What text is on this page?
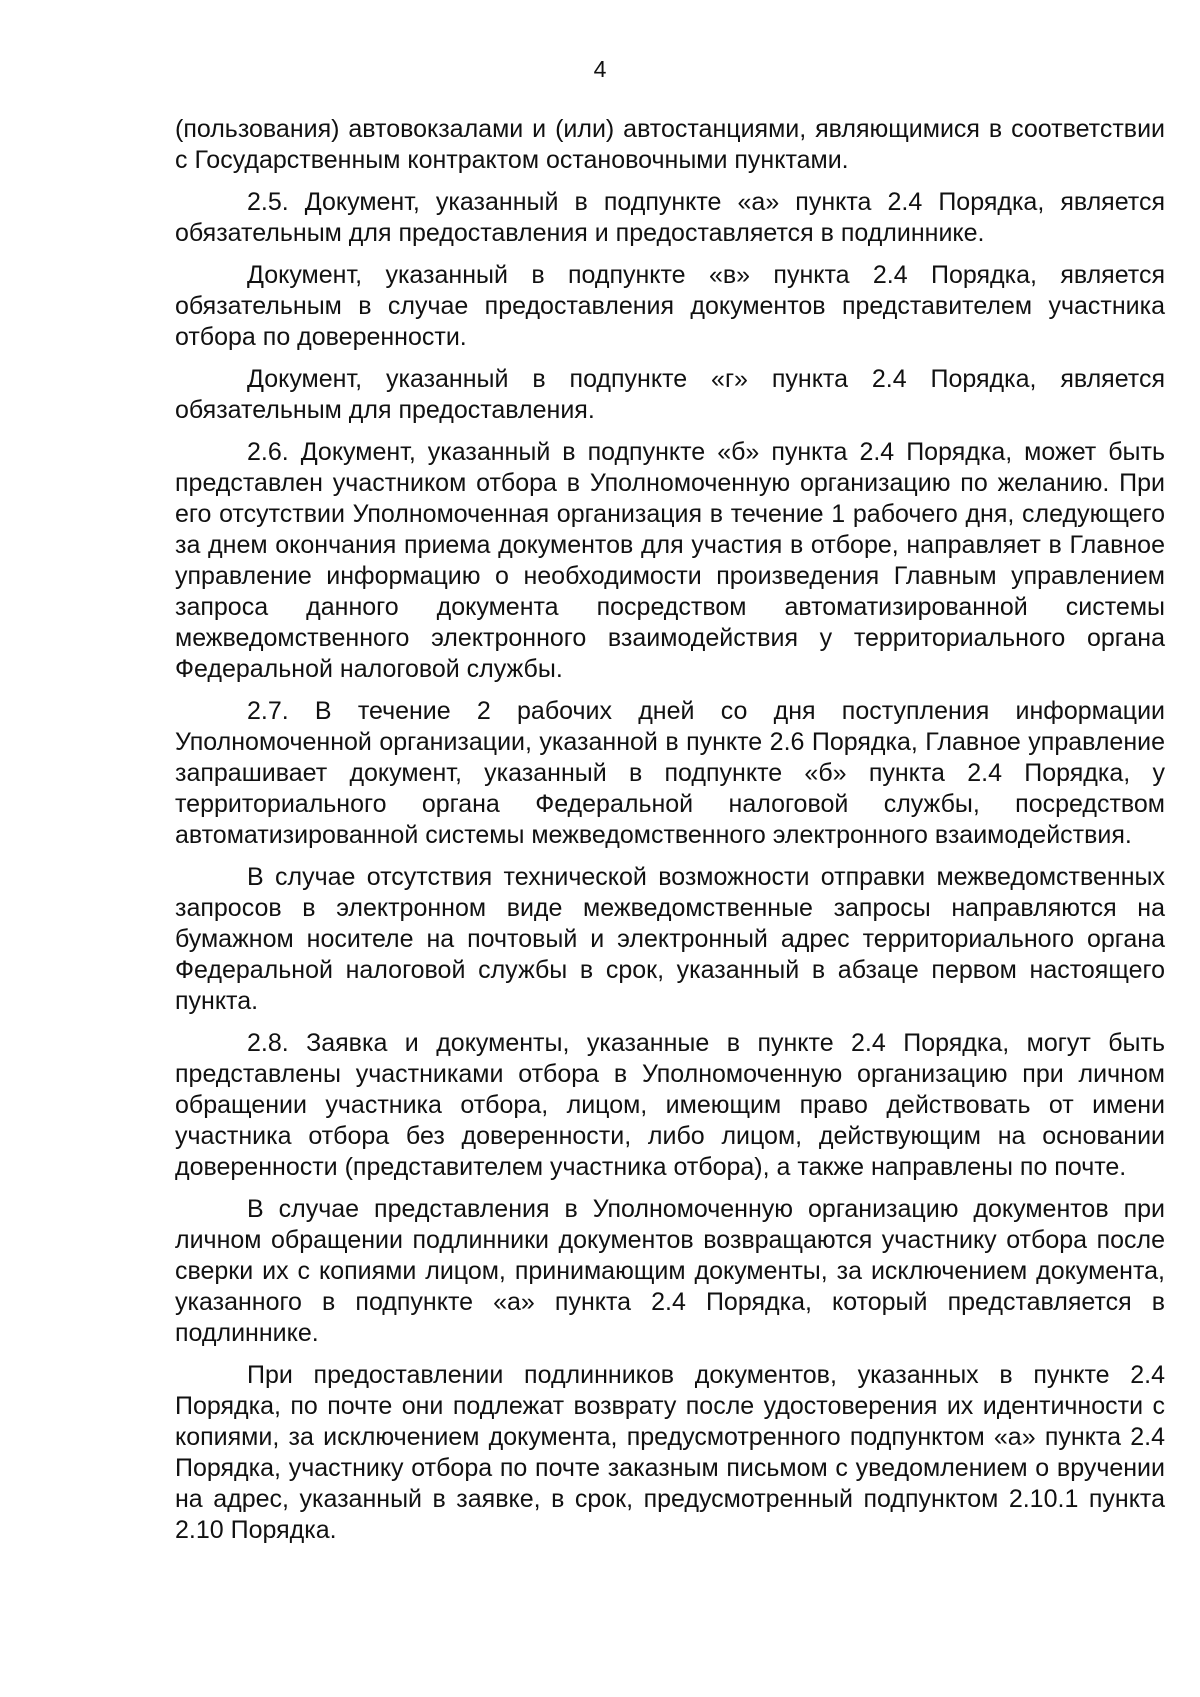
4

(пользования) автовокзалами и (или) автостанциями, являющимися в соответствии с Государственным контрактом остановочными пунктами.

2.5. Документ, указанный в подпункте «а» пункта 2.4 Порядка, является обязательным для предоставления и предоставляется в подлиннике.

Документ, указанный в подпункте «в» пункта 2.4 Порядка, является обязательным в случае предоставления документов представителем участника отбора по доверенности.

Документ, указанный в подпункте «г» пункта 2.4 Порядка, является обязательным для предоставления.

2.6. Документ, указанный в подпункте «б» пункта 2.4 Порядка, может быть представлен участником отбора в Уполномоченную организацию по желанию. При его отсутствии Уполномоченная организация в течение 1 рабочего дня, следующего за днем окончания приема документов для участия в отборе, направляет в Главное управление информацию о необходимости произведения Главным управлением запроса данного документа посредством автоматизированной системы межведомственного электронного взаимодействия у территориального органа Федеральной налоговой службы.

2.7. В течение 2 рабочих дней со дня поступления информации Уполномоченной организации, указанной в пункте 2.6 Порядка, Главное управление запрашивает документ, указанный в подпункте «б» пункта 2.4 Порядка, у территориального органа Федеральной налоговой службы, посредством автоматизированной системы межведомственного электронного взаимодействия.

В случае отсутствия технической возможности отправки межведомственных запросов в электронном виде межведомственные запросы направляются на бумажном носителе на почтовый и электронный адрес территориального органа Федеральной налоговой службы в срок, указанный в абзаце первом настоящего пункта.

2.8. Заявка и документы, указанные в пункте 2.4 Порядка, могут быть представлены участниками отбора в Уполномоченную организацию при личном обращении участника отбора, лицом, имеющим право действовать от имени участника отбора без доверенности, либо лицом, действующим на основании доверенности (представителем участника отбора), а также направлены по почте.

В случае представления в Уполномоченную организацию документов при личном обращении подлинники документов возвращаются участнику отбора после сверки их с копиями лицом, принимающим документы, за исключением документа, указанного в подпункте «а» пункта 2.4 Порядка, который представляется в подлиннике.

При предоставлении подлинников документов, указанных в пункте 2.4 Порядка, по почте они подлежат возврату после удостоверения их идентичности с копиями, за исключением документа, предусмотренного подпунктом «а» пункта 2.4 Порядка, участнику отбора по почте заказным письмом с уведомлением о вручении на адрес, указанный в заявке, в срок, предусмотренный подпунктом 2.10.1 пункта 2.10 Порядка.
